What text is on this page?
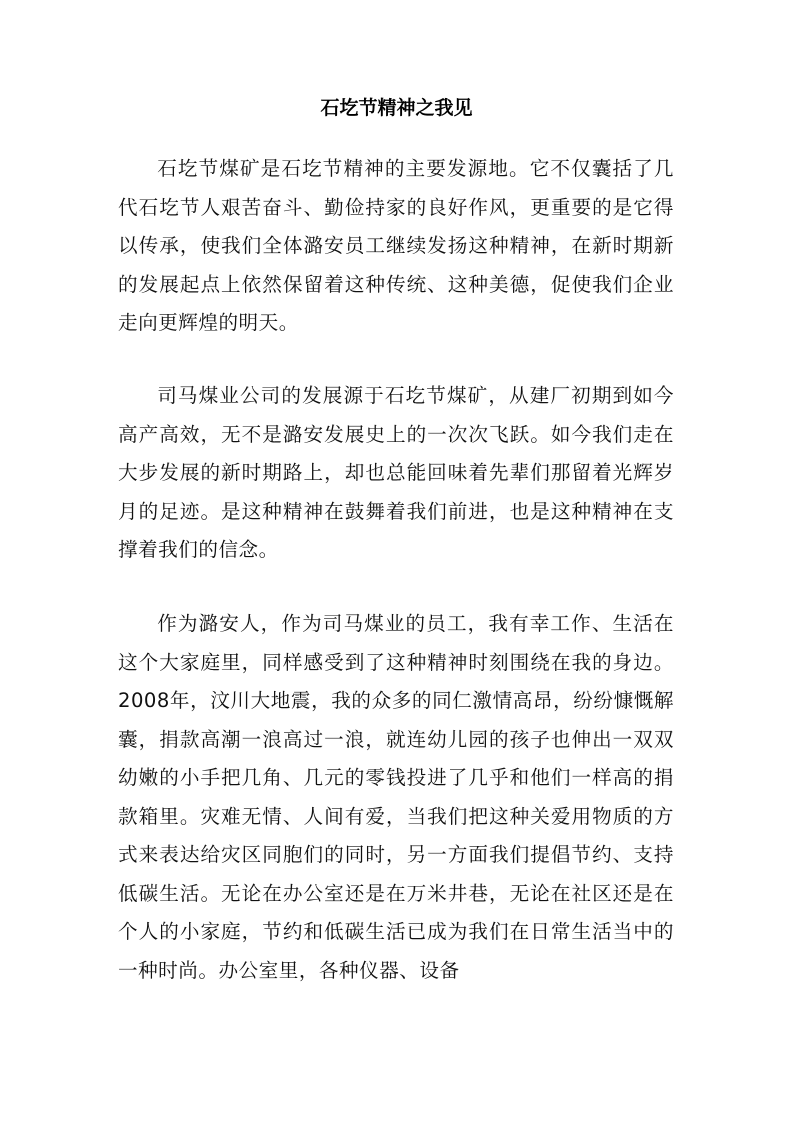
石圪节精神之我见

石圪节煤矿是石圪节精神的主要发源地。它不仅囊括了几代石圪节人艰苦奋斗、勤俭持家的良好作风，更重要的是它得以传承，使我们全体潞安员工继续发扬这种精神，在新时期新的发展起点上依然保留着这种传统、这种美德，促使我们企业走向更辉煌的明天。

司马煤业公司的发展源于石圪节煤矿，从建厂初期到如今高产高效，无不是潞安发展史上的一次次飞跃。如今我们走在大步发展的新时期路上，却也总能回味着先辈们那留着光辉岁月的足迹。是这种精神在鼓舞着我们前进，也是这种精神在支撑着我们的信念。

作为潞安人，作为司马煤业的员工，我有幸工作、生活在这个大家庭里，同样感受到了这种精神时刻围绕在我的身边。2008年，汶川大地震，我的众多的同仁激情高昂，纷纷慷慨解囊，捐款高潮一浪高过一浪，就连幼儿园的孩子也伸出一双双幼嫩的小手把几角、几元的零钱投进了几乎和他们一样高的捐款箱里。灾难无情、人间有爱，当我们把这种关爱用物质的方式来表达给灾区同胞们的同时，另一方面我们提倡节约、支持低碳生活。无论在办公室还是在万米井巷，无论在社区还是在个人的小家庭，节约和低碳生活已成为我们在日常生活当中的一种时尚。办公室里，各种仪器、设备
